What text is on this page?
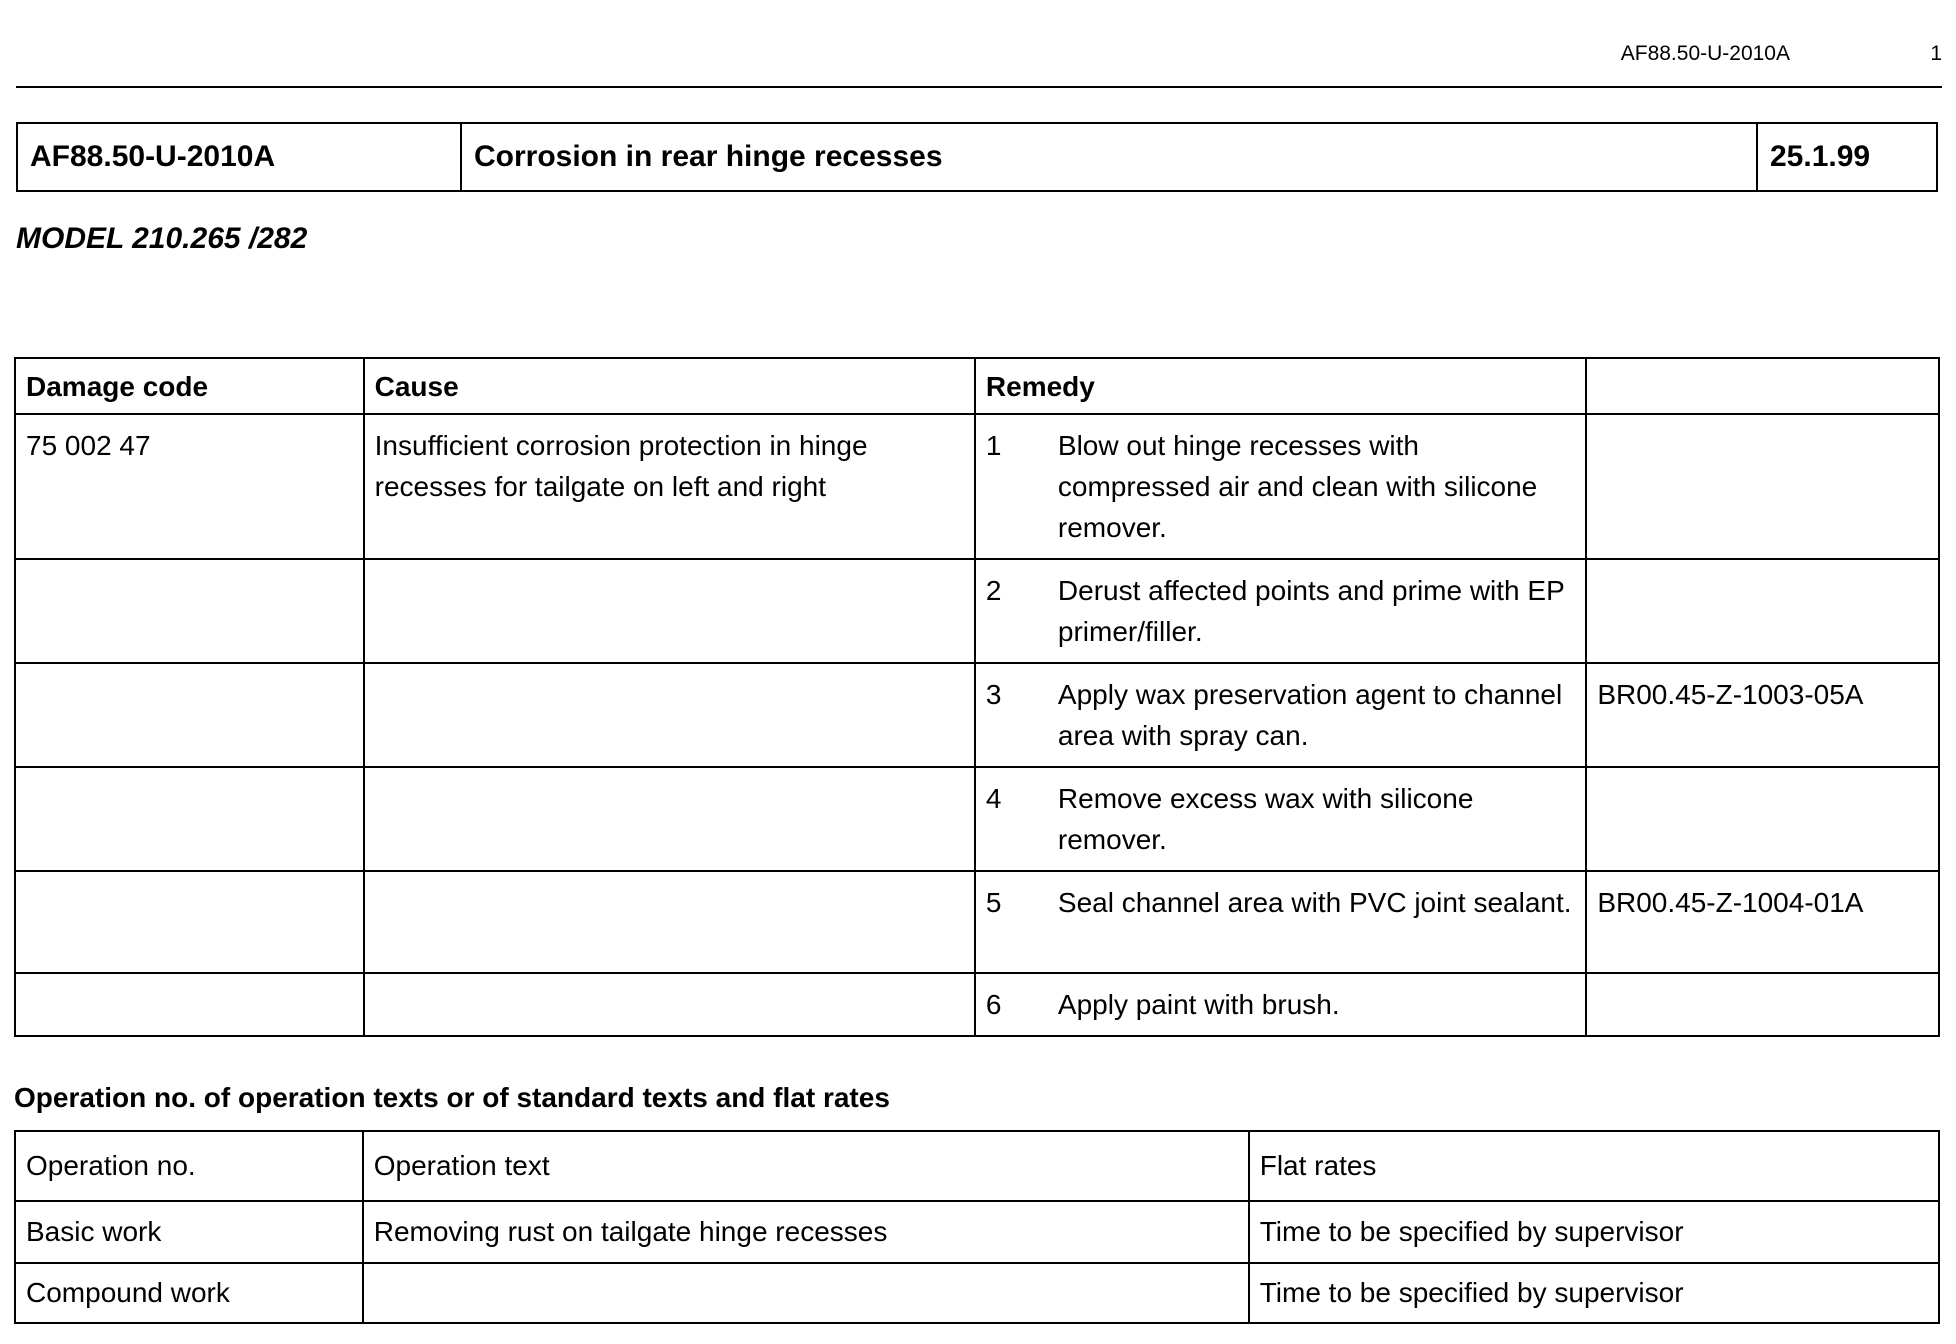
AF88.50-U-2010A	1
AF88.50-U-2010A	Corrosion in rear hinge recesses	25.1.99
MODEL 210.265 /282
Damage code	Cause	Remedy	
75 002 47	Insufficient corrosion protection in hinge recesses for tailgate on left and right	1 Blow out hinge recesses with compressed air and clean with silicone remover.	

		2 Derust affected points and prime with EP primer/filler.	

		3 Apply wax preservation agent to channel area with spray can.	BR00.45-Z-1003-05A

		4 Remove excess wax with silicone remover.	

		5 Seal channel area with PVC joint sealant.	BR00.45-Z-1004-01A

		6 Apply paint with brush.	

Operation no. of operation texts or of standard texts and flat rates
Operation no.	Operation text	Flat rates
Basic work	Removing rust on tailgate hinge recesses	Time to be specified by supervisor
Compound work		Time to be specified by supervisor
